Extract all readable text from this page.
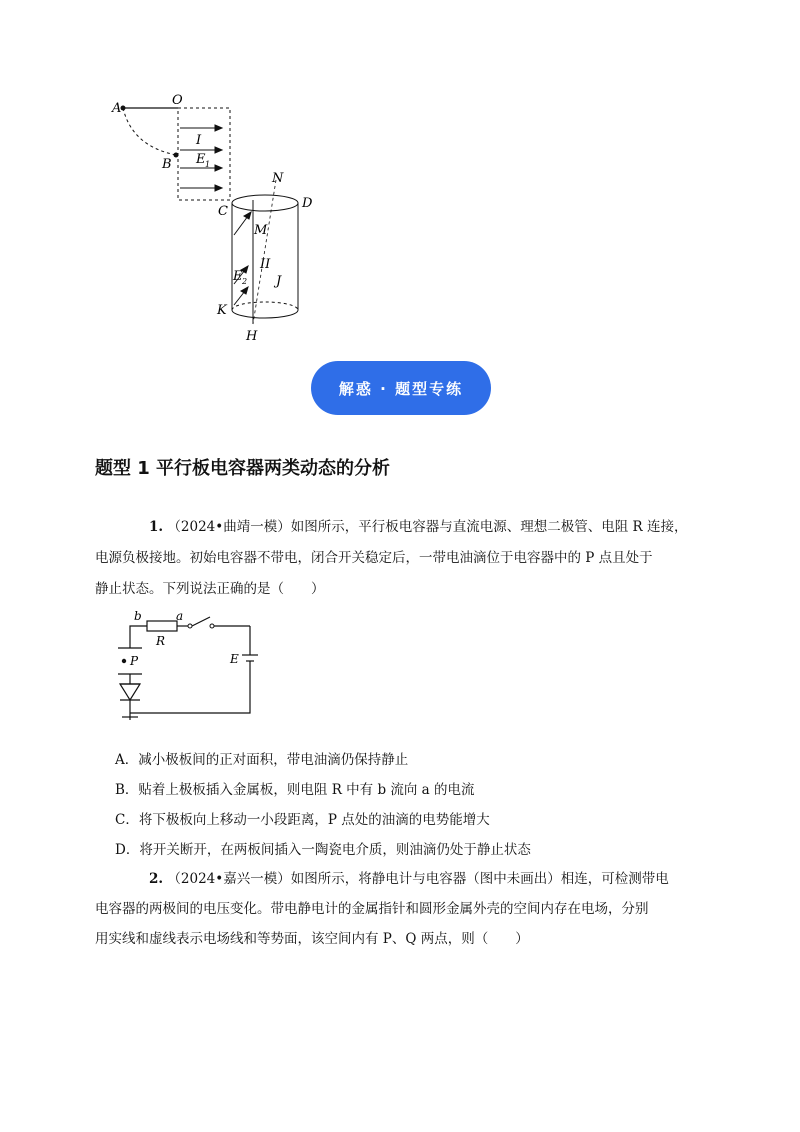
A
O
B
I
E 1
C
D
N
M
II
J
E 2
K
H
解惑 · 题型专练
题型 1 平行板电容器两类动态的分析
1. （2024•曲靖一模）如图所示，平行板电容器与直流电源、理想二极管、电阻 R 连接，
电源负极接地。初始电容器不带电，闭合开关稳定后，一带电油滴位于电容器中的 P 点且处于
静止状态。下列说法正确的是（　　）
b	a
R
E
P
A．减小极板间的正对面积，带电油滴仍保持静止
B．贴着上极板插入金属板，则电阻 R 中有 b 流向 a 的电流
C．将下极板向上移动一小段距离，P 点处的油滴的电势能增大
D．将开关断开，在两板间插入一陶瓷电介质，则油滴仍处于静止状态
2. （2024•嘉兴一模）如图所示，将静电计与电容器（图中未画出）相连，可检测带电
电容器的两极间的电压变化。带电静电计的金属指针和圆形金属外壳的空间内存在电场，分别
用实线和虚线表示电场线和等势面，该空间内有 P、Q 两点，则（　　）
